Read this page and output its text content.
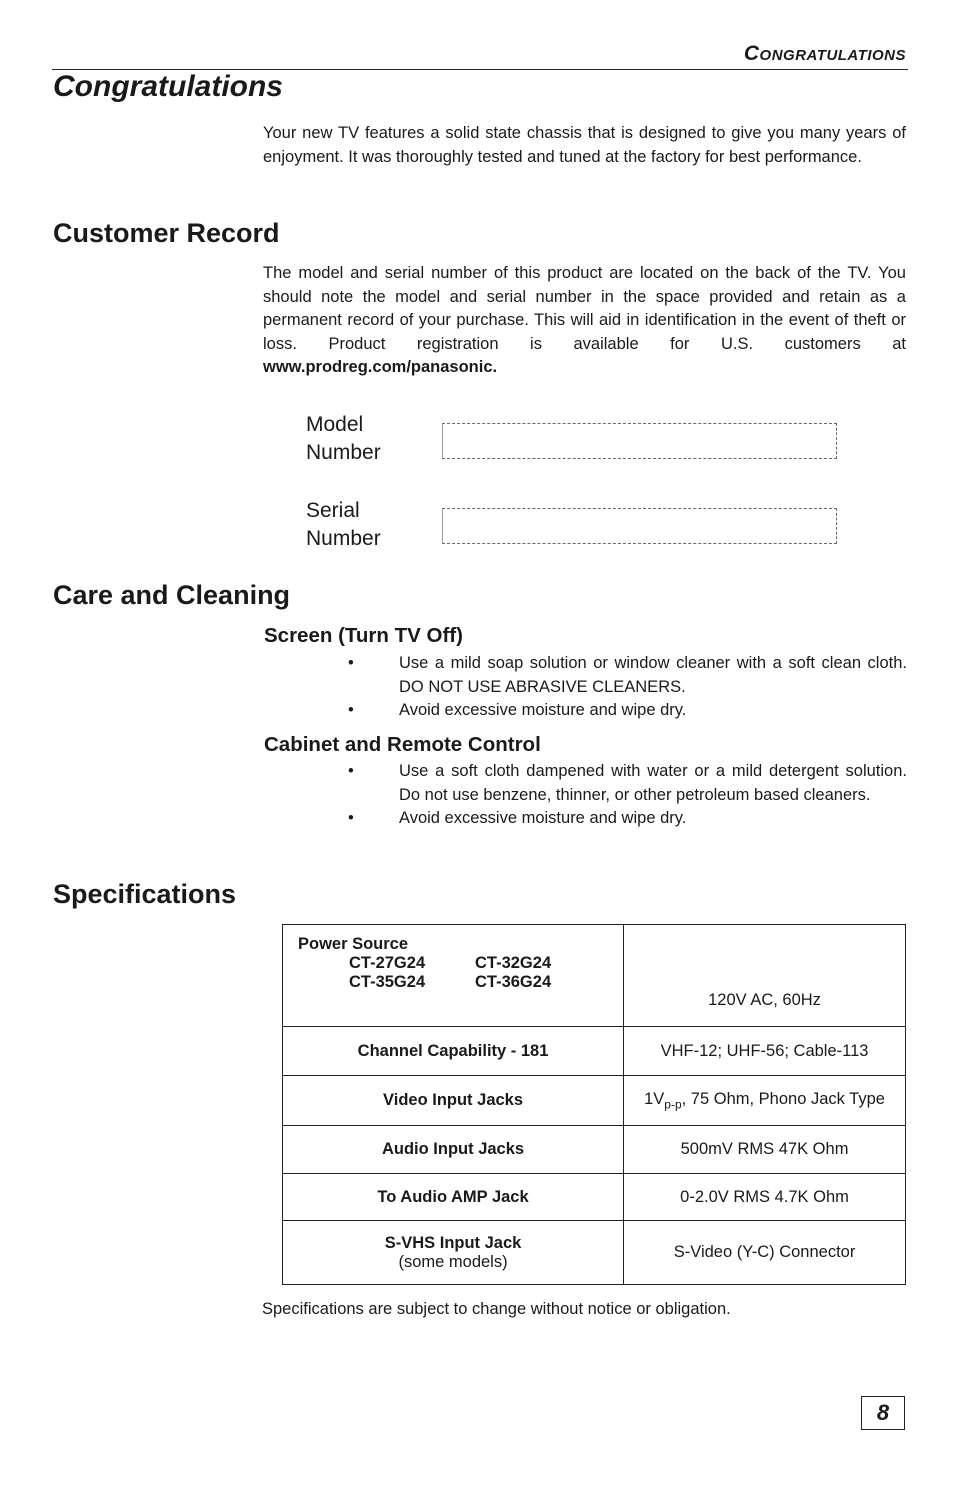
Congratulations
Congratulations

Your new TV features a solid state chassis that is designed to give you many years of enjoyment. It was thoroughly tested and tuned at the factory for best performance.

Customer Record

The model and serial number of this product are located on the back of the TV. You should note the model and serial number in the space provided and retain as a permanent record of your purchase. This will aid in identification in the event of theft or loss. Product registration is available for U.S. customers at www.prodreg.com/panasonic.

Model
Number
Serial
Number
Care and Cleaning
Screen (Turn TV Off)
•	Use a mild soap solution or window cleaner with a soft clean cloth. DO NOT USE ABRASIVE CLEANERS.
•	Avoid excessive moisture and wipe dry.
Cabinet and Remote Control
•	Use a soft cloth dampened with water or a mild detergent solution. Do not use benzene, thinner, or other petroleum based cleaners.
•	Avoid excessive moisture and wipe dry.
Specifications
Power Source
CT-27G24 CT-32G24
CT-35G24 CT-36G24	120V AC, 60Hz
Channel Capability - 181	VHF-12; UHF-56; Cable-113
Video Input Jacks	$1V_{p-p}$, 75 Ohm, Phono Jack Type
Audio Input Jacks	500mV RMS 47K Ohm
To Audio AMP Jack	0-2.0V RMS 4.7K Ohm
S-VHS Input Jack
(some models)	S-Video (Y-C) Connector
Specifications are subject to change without notice or obligation.
8
